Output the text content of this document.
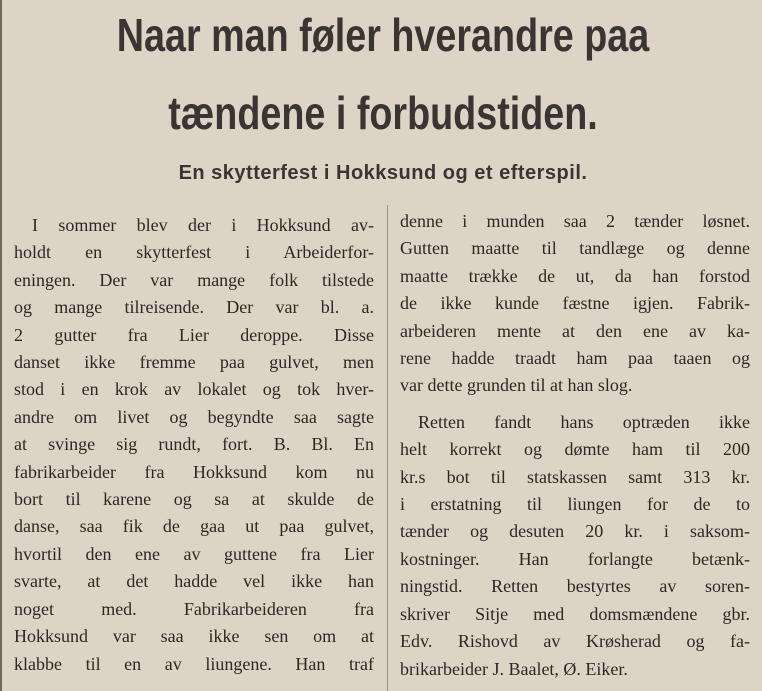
Naar man føler hverandre paa
tændene i forbudstiden.
En skytterfest i Hokksund og et efterspil.
I sommer blev der i Hokksund av-
holdt en skytterfest i Arbeiderfor-
eningen. Der var mange folk tilstede
og mange tilreisende. Der var bl. a.
2 gutter fra Lier deroppe. Disse
danset ikke fremme paa gulvet, men
stod i en krok av lokalet og tok hver-
andre om livet og begyndte saa sagte
at svinge sig rundt, fort. B. Bl. En
fabrikarbeider fra Hokksund kom nu
bort til karene og sa at skulde de
danse, saa fik de gaa ut paa gulvet,
hvortil den ene av guttene fra Lier
svarte, at det hadde vel ikke han
noget med. Fabrikarbeideren fra
Hokksund var saa ikke sen om at
klabbe til en av liungene. Han traf
denne i munden saa 2 tænder løsnet.
Gutten maatte til tandlæge og denne
maatte trække de ut, da han forstod
de ikke kunde fæstne igjen. Fabrik-
arbeideren mente at den ene av ka-
rene hadde traadt ham paa taaen og
var dette grunden til at han slog.
Retten fandt hans optræden ikke
helt korrekt og dømte ham til 200
kr.s bot til statskassen samt 313 kr.
i erstatning til liungen for de to
tænder og desuten 20 kr. i saksom-
kostninger. Han forlangte betænk-
ningstid. Retten bestyrtes av soren-
skriver Sitje med domsmændene gbr.
Edv. Rishovd av Krøsherad og fa-
brikarbeider J. Baalet, Ø. Eiker.
